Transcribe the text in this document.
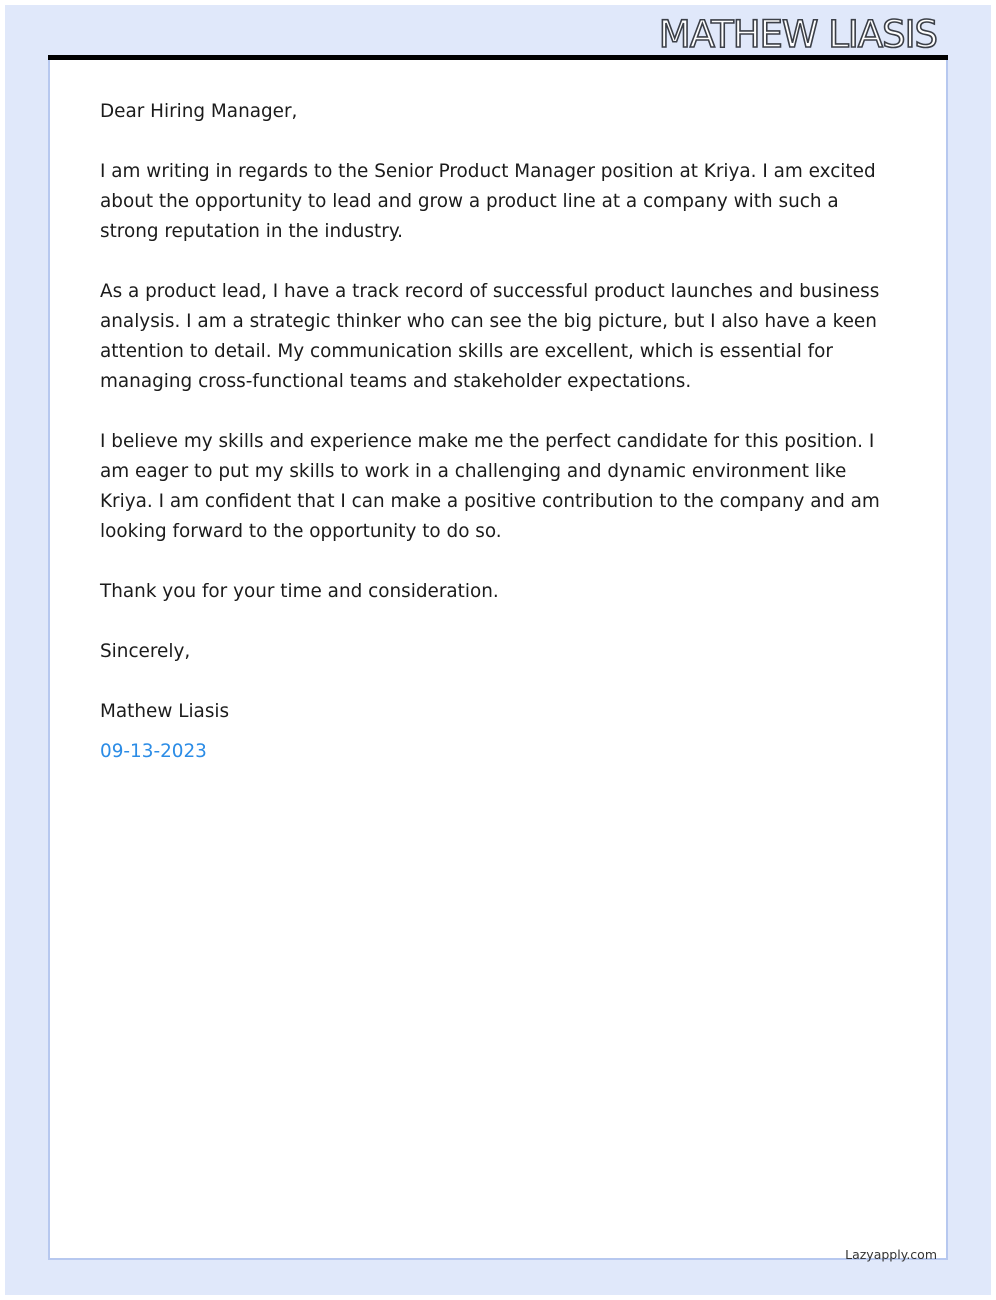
MATHEW LIASIS

Dear Hiring Manager,

I am writing in regards to the Senior Product Manager position at Kriya. I am excited about the opportunity to lead and grow a product line at a company with such a strong reputation in the industry.

As a product lead, I have a track record of successful product launches and business analysis. I am a strategic thinker who can see the big picture, but I also have a keen attention to detail. My communication skills are excellent, which is essential for managing cross-functional teams and stakeholder expectations.

I believe my skills and experience make me the perfect candidate for this position. I am eager to put my skills to work in a challenging and dynamic environment like Kriya. I am confident that I can make a positive contribution to the company and am looking forward to the opportunity to do so.

Thank you for your time and consideration.

Sincerely,

Mathew Liasis

09-13-2023

Lazyapply.com
